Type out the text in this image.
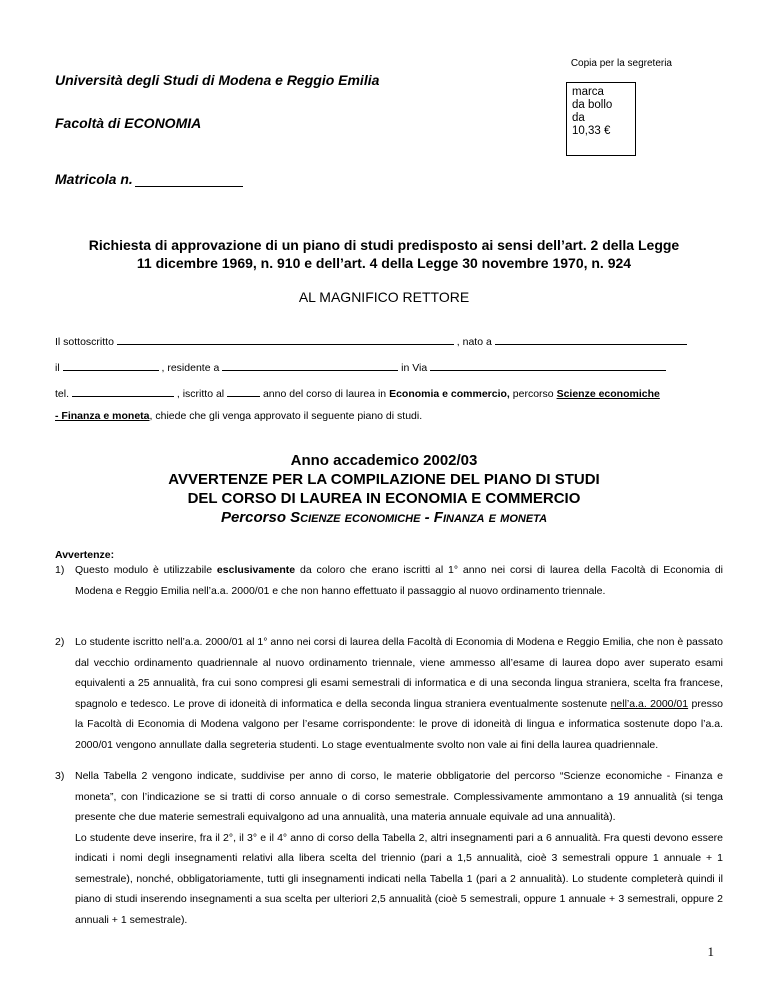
Copia per la segreteria
Università degli Studi di Modena e Reggio Emilia
Facoltà di ECONOMIA
Matricola n.
marca
da bollo
da
10,33 €
Richiesta di approvazione di un piano di studi predisposto ai sensi dell’art. 2 della Legge
11 dicembre 1969, n. 910 e dell’art. 4 della Legge 30 novembre 1970, n. 924
AL MAGNIFICO RETTORE
Il sottoscritto	, nato a
il	, residente a	in Via
tel.	, iscritto al	anno del corso di laurea in Economia e commercio, percorso Scienze economiche
- Finanza e moneta, chiede che gli venga approvato il seguente piano di studi.
Anno accademico 2002/03
AVVERTENZE PER LA COMPILAZIONE DEL PIANO DI STUDI
DEL CORSO DI LAUREA IN ECONOMIA E COMMERCIO
Percorso Scienze economiche - Finanza e moneta
Avvertenze:
1) Questo modulo è utilizzabile esclusivamente da coloro che erano iscritti al 1° anno nei corsi di laurea della Facoltà di Economia di Modena e Reggio Emilia nell’a.a. 2000/01 e che non hanno effettuato il passaggio al nuovo ordinamento triennale.
2) Lo studente iscritto nell’a.a. 2000/01 al 1° anno nei corsi di laurea della Facoltà di Economia di Modena e Reggio Emilia, che non è passato dal vecchio ordinamento quadriennale al nuovo ordinamento triennale, viene ammesso all’esame di laurea dopo aver superato esami equivalenti a 25 annualità, fra cui sono compresi gli esami semestrali di informatica e di una seconda lingua straniera, scelta fra francese, spagnolo e tedesco. Le prove di idoneità di informatica e della seconda lingua straniera eventualmente sostenute nell’a.a. 2000/01 presso la Facoltà di Economia di Modena valgono per l’esame corrispondente: le prove di idoneità di lingua e informatica sostenute dopo l’a.a. 2000/01 vengono annullate dalla segreteria studenti. Lo stage eventualmente svolto non vale ai fini della laurea quadriennale.
3) Nella Tabella 2 vengono indicate, suddivise per anno di corso, le materie obbligatorie del percorso “Scienze economiche - Finanza e moneta”, con l’indicazione se si tratti di corso annuale o di corso semestrale. Complessivamente ammontano a 19 annualità (si tenga presente che due materie semestrali equivalgono ad una annualità, una materia annuale equivale ad una annualità).

Lo studente deve inserire, fra il 2°, il 3° e il 4° anno di corso della Tabella 2, altri insegnamenti pari a 6 annualità. Fra questi devono essere indicati i nomi degli insegnamenti relativi alla libera scelta del triennio (pari a 1,5 annualità, cioè 3 semestrali oppure 1 annuale + 1 semestrale), nonché, obbligatoriamente, tutti gli insegnamenti indicati nella Tabella 1 (pari a 2 annualità). Lo studente completerà quindi il piano di studi inserendo insegnamenti a sua scelta per ulteriori 2,5 annualità (cioè 5 semestrali, oppure 1 annuale + 3 semestrali, oppure 2 annuali + 1 semestrale).

1
